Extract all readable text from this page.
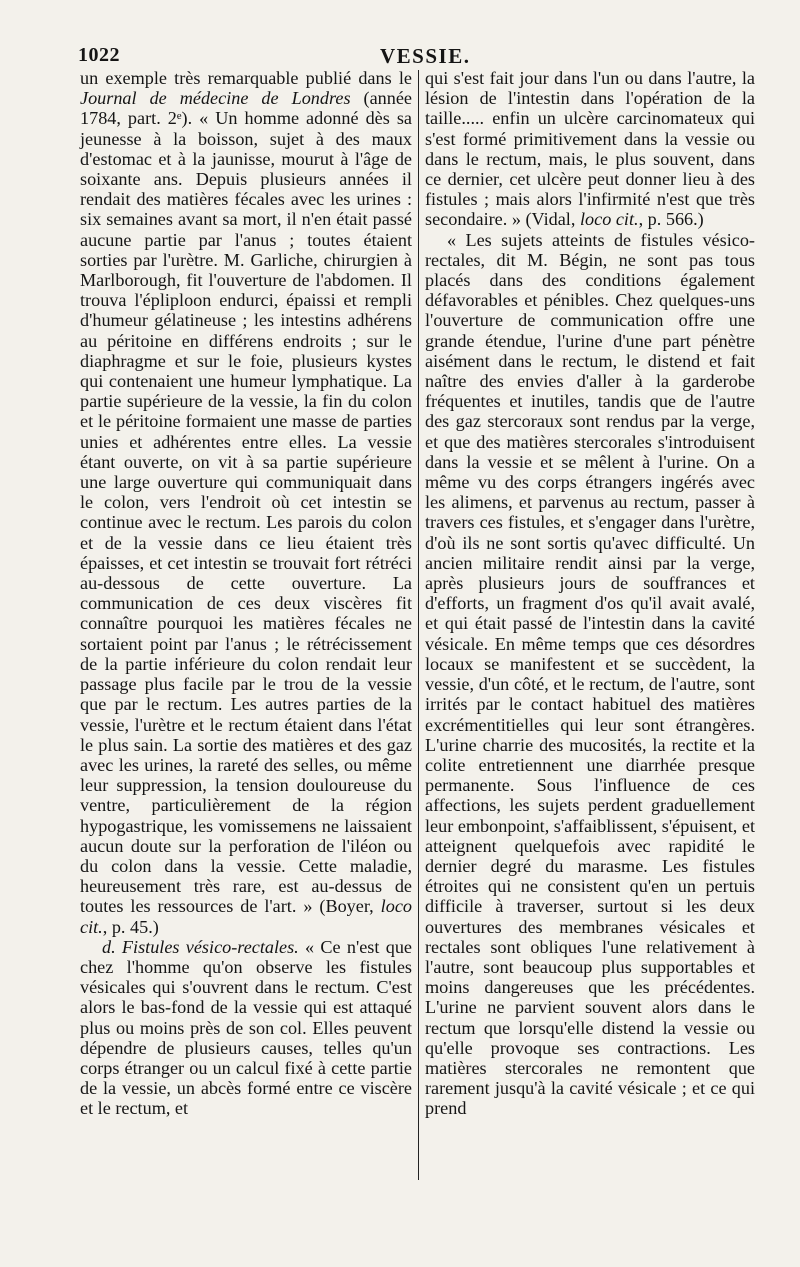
1022	VESSIE.

un exemple très remarquable publié dans le Journal de médecine de Londres (année 1784, part. 2ᵉ). « Un homme adonné dès sa jeunesse à la boisson, sujet à des maux d'estomac et à la jaunisse, mourut à l'âge de soixante ans. Depuis plusieurs années il rendait des matières fécales avec les urines : six semaines avant sa mort, il n'en était passé aucune partie par l'anus ; toutes étaient sorties par l'urètre. M. Garliche, chirurgien à Marlborough, fit l'ouverture de l'abdomen. Il trouva l'épliploon endurci, épaissi et rempli d'humeur gélatineuse ; les intestins adhérens au péritoine en différens endroits ; sur le diaphragme et sur le foie, plusieurs kystes qui contenaient une humeur lymphatique. La partie supérieure de la vessie, la fin du colon et le péritoine formaient une masse de parties unies et adhérentes entre elles. La vessie étant ouverte, on vit à sa partie supérieure une large ouverture qui communiquait dans le colon, vers l'endroit où cet intestin se continue avec le rectum. Les parois du colon et de la vessie dans ce lieu étaient très épaisses, et cet intestin se trouvait fort rétréci au-dessous de cette ouverture. La communication de ces deux viscères fit connaître pourquoi les matières fécales ne sortaient point par l'anus ; le rétrécissement de la partie inférieure du colon rendait leur passage plus facile par le trou de la vessie que par le rectum. Les autres parties de la vessie, l'urètre et le rectum étaient dans l'état le plus sain. La sortie des matières et des gaz avec les urines, la rareté des selles, ou même leur suppression, la tension douloureuse du ventre, particulièrement de la région hypogastrique, les vomissemens ne laissaient aucun doute sur la perforation de l'iléon ou du colon dans la vessie. Cette maladie, heureusement très rare, est au-dessus de toutes les ressources de l'art. » (Boyer, loco cit., p. 45.)

d. Fistules vésico-rectales. « Ce n'est que chez l'homme qu'on observe les fistules vésicales qui s'ouvrent dans le rectum. C'est alors le bas-fond de la vessie qui est attaqué plus ou moins près de son col. Elles peuvent dépendre de plusieurs causes, telles qu'un corps étranger ou un calcul fixé à cette partie de la vessie, un abcès formé entre ce viscère et le rectum, et

qui s'est fait jour dans l'un ou dans l'autre, la lésion de l'intestin dans l'opération de la taille..... enfin un ulcère carcinomateux qui s'est formé primitivement dans la vessie ou dans le rectum, mais, le plus souvent, dans ce dernier, cet ulcère peut donner lieu à des fistules ; mais alors l'infirmité n'est que très secondaire. » (Vidal, loco cit., p. 566.)

« Les sujets atteints de fistules vésico-rectales, dit M. Bégin, ne sont pas tous placés dans des conditions également défavorables et pénibles. Chez quelques-uns l'ouverture de communication offre une grande étendue, l'urine d'une part pénètre aisément dans le rectum, le distend et fait naître des envies d'aller à la garderobe fréquentes et inutiles, tandis que de l'autre des gaz stercoraux sont rendus par la verge, et que des matières stercorales s'introduisent dans la vessie et se mêlent à l'urine. On a même vu des corps étrangers ingérés avec les alimens, et parvenus au rectum, passer à travers ces fistules, et s'engager dans l'urètre, d'où ils ne sont sortis qu'avec difficulté. Un ancien militaire rendit ainsi par la verge, après plusieurs jours de souffrances et d'efforts, un fragment d'os qu'il avait avalé, et qui était passé de l'intestin dans la cavité vésicale. En même temps que ces désordres locaux se manifestent et se succèdent, la vessie, d'un côté, et le rectum, de l'autre, sont irrités par le contact habituel des matières excrémentitielles qui leur sont étrangères. L'urine charrie des mucosités, la rectite et la colite entretiennent une diarrhée presque permanente. Sous l'influence de ces affections, les sujets perdent graduellement leur embonpoint, s'affaiblissent, s'épuisent, et atteignent quelquefois avec rapidité le dernier degré du marasme. Les fistules étroites qui ne consistent qu'en un pertuis difficile à traverser, surtout si les deux ouvertures des membranes vésicales et rectales sont obliques l'une relativement à l'autre, sont beaucoup plus supportables et moins dangereuses que les précédentes. L'urine ne parvient souvent alors dans le rectum que lorsqu'elle distend la vessie ou qu'elle provoque ses contractions. Les matières stercorales ne remontent que rarement jusqu'à la cavité vésicale ; et ce qui prend
